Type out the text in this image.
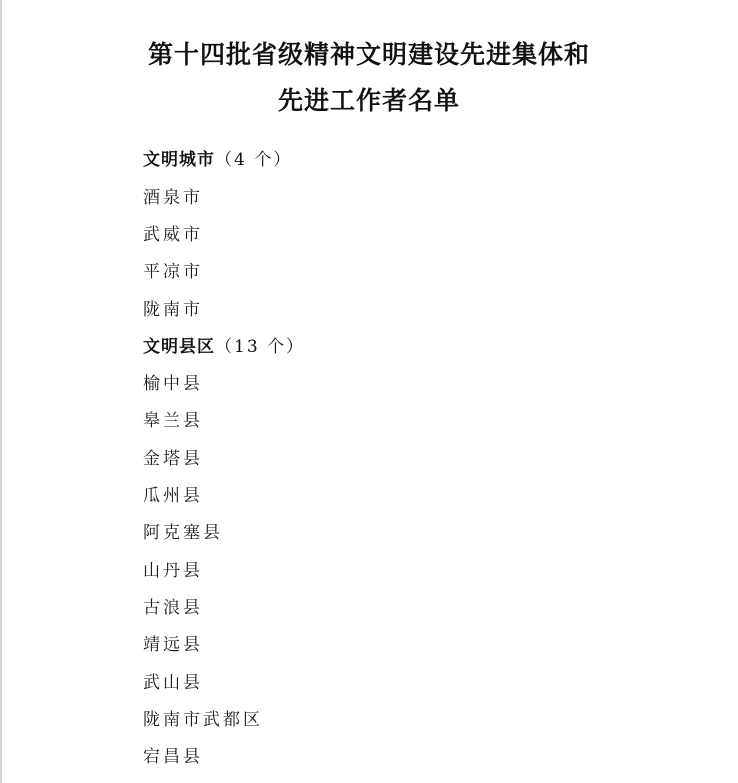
第十四批省级精神文明建设先进集体和
先进工作者名单
文明城市（4 个）
酒泉市
武威市
平凉市
陇南市
文明县区（13 个）
榆中县
皋兰县
金塔县
瓜州县
阿克塞县
山丹县
古浪县
靖远县
武山县
陇南市武都区
宕昌县
